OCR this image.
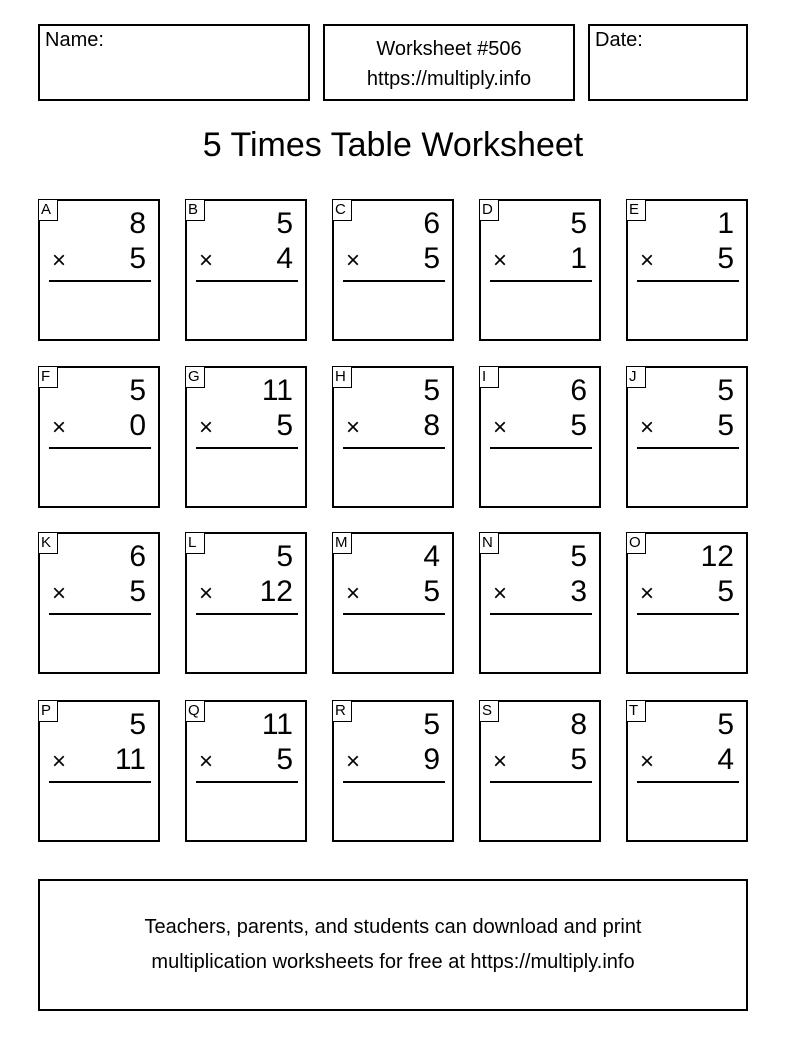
Name:	Worksheet #506
https://multiply.info
Date:
5 Times Table Worksheet
A	8
× 5
B	5
× 4
C	6
× 5
D	5
× 1
E	1
× 5
F	5
× 0
G 11
× 5
H	5
× 8
I	6
× 5
J	5
× 5
K	6
× 5
L	5
× 12
M	4
× 5
N	5
× 3
O 12
× 5
P	5
× 11
Q 11
× 5
R	5
× 9
S	8
× 5
T	5
× 4
Teachers, parents, and students can download and print
multiplication worksheets for free at https://multiply.info
